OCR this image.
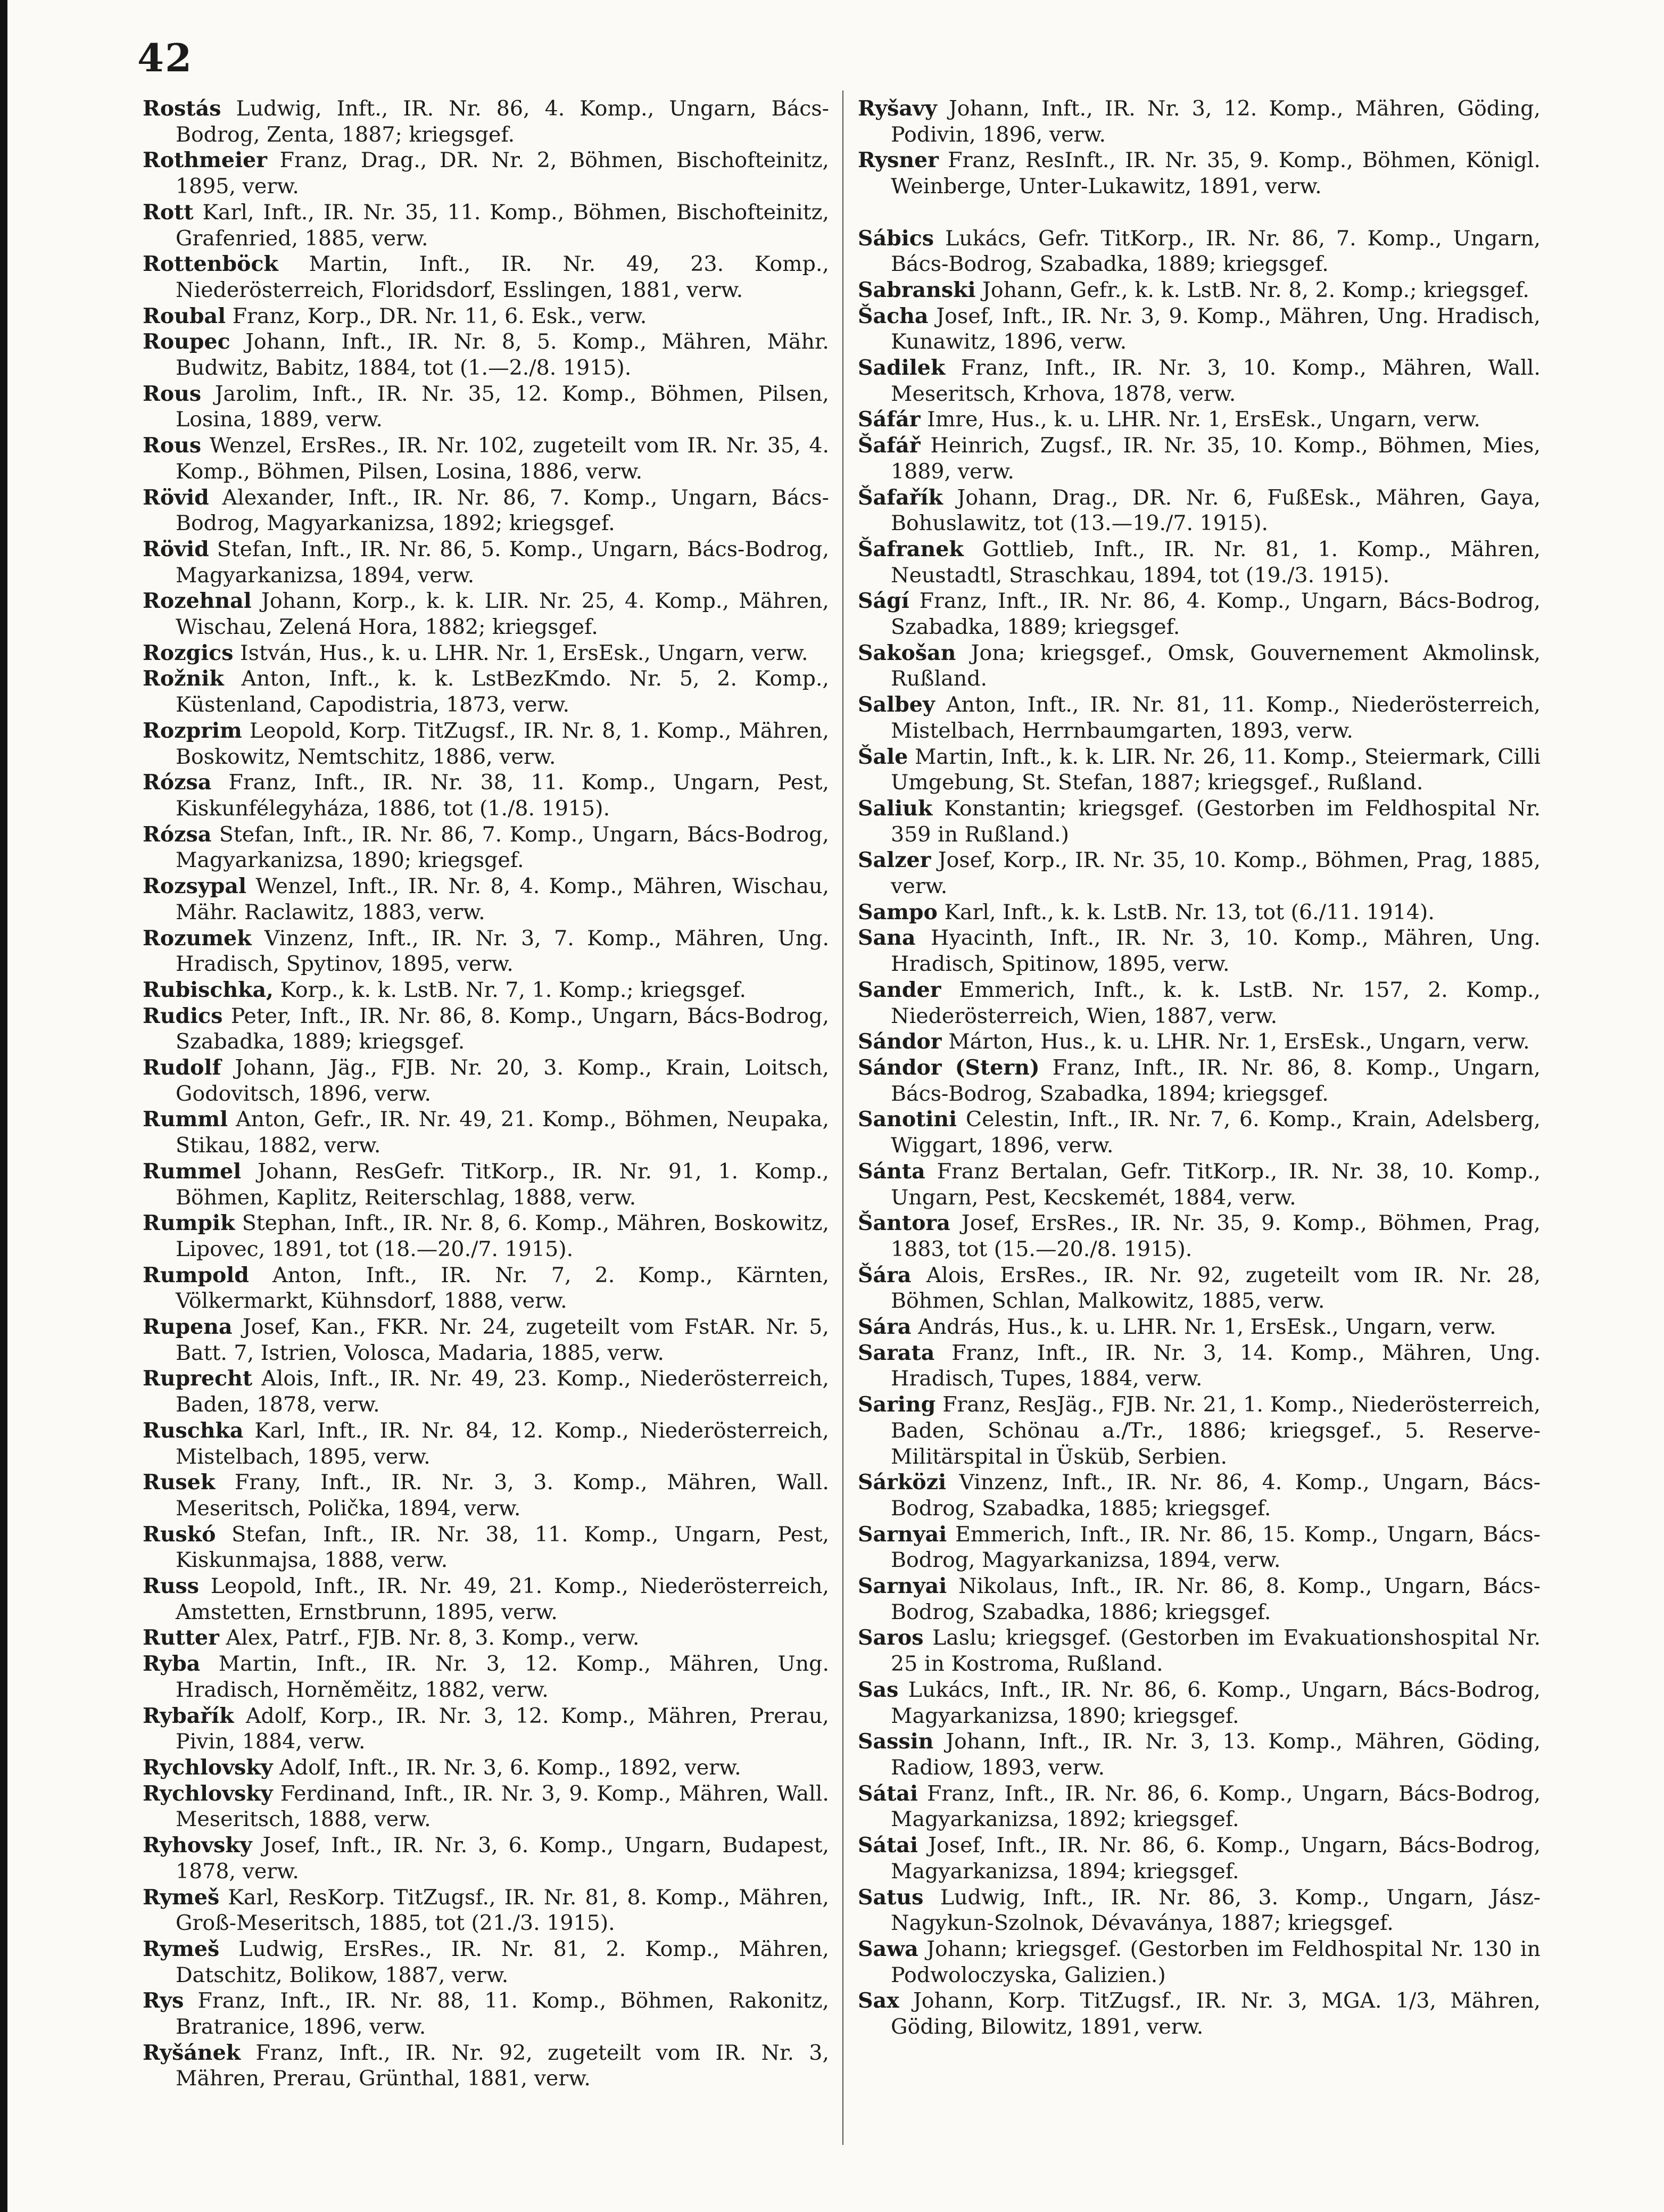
42
Rostás Ludwig, Inft., IR. Nr. 86, 4. Komp., Ungarn, Bács-Bodrog, Zenta, 1887; kriegsgef.
Rothmeier Franz, Drag., DR. Nr. 2, Böhmen, Bischofteinitz, 1895, verw.
Rott Karl, Inft., IR. Nr. 35, 11. Komp., Böhmen, Bischofteinitz, Grafenried, 1885, verw.
Rottenböck Martin, Inft., IR. Nr. 49, 23. Komp., Niederösterreich, Floridsdorf, Esslingen, 1881, verw.
Roubal Franz, Korp., DR. Nr. 11, 6. Esk., verw.
Roupec Johann, Inft., IR. Nr. 8, 5. Komp., Mähren, Mähr. Budwitz, Babitz, 1884, tot (1.—2./8. 1915).
Rous Jarolim, Inft., IR. Nr. 35, 12. Komp., Böhmen, Pilsen, Losina, 1889, verw.
Rous Wenzel, ErsRes., IR. Nr. 102, zugeteilt vom IR. Nr. 35, 4. Komp., Böhmen, Pilsen, Losina, 1886, verw.
Rövid Alexander, Inft., IR. Nr. 86, 7. Komp., Ungarn, Bács-Bodrog, Magyarkanizsa, 1892; kriegsgef.
Rövid Stefan, Inft., IR. Nr. 86, 5. Komp., Ungarn, Bács-Bodrog, Magyarkanizsa, 1894, verw.
Rozehnal Johann, Korp., k. k. LIR. Nr. 25, 4. Komp., Mähren, Wischau, Zelená Hora, 1882; kriegsgef.
Rozgics István, Hus., k. u. LHR. Nr. 1, ErsEsk., Ungarn, verw.
Rožnik Anton, Inft., k. k. LstBezKmdo. Nr. 5, 2. Komp., Küstenland, Capodistria, 1873, verw.
Rozprim Leopold, Korp. TitZugsf., IR. Nr. 8, 1. Komp., Mähren, Boskowitz, Nemtschitz, 1886, verw.
Rózsa Franz, Inft., IR. Nr. 38, 11. Komp., Ungarn, Pest, Kiskunfélegyháza, 1886, tot (1./8. 1915).
Rózsa Stefan, Inft., IR. Nr. 86, 7. Komp., Ungarn, Bács-Bodrog, Magyarkanizsa, 1890; kriegsgef.
Rozsypal Wenzel, Inft., IR. Nr. 8, 4. Komp., Mähren, Wischau, Mähr. Raclawitz, 1883, verw.
Rozumek Vinzenz, Inft., IR. Nr. 3, 7. Komp., Mähren, Ung. Hradisch, Spytinov, 1895, verw.
Rubischka, Korp., k. k. LstB. Nr. 7, 1. Komp.; kriegsgef.
Rudics Peter, Inft., IR. Nr. 86, 8. Komp., Ungarn, Bács-Bodrog, Szabadka, 1889; kriegsgef.
Rudolf Johann, Jäg., FJB. Nr. 20, 3. Komp., Krain, Loitsch, Godovitsch, 1896, verw.
Rumml Anton, Gefr., IR. Nr. 49, 21. Komp., Böhmen, Neupaka, Stikau, 1882, verw.
Rummel Johann, ResGefr. TitKorp., IR. Nr. 91, 1. Komp., Böhmen, Kaplitz, Reiterschlag, 1888, verw.
Rumpik Stephan, Inft., IR. Nr. 8, 6. Komp., Mähren, Boskowitz, Lipovec, 1891, tot (18.—20./7. 1915).
Rumpold Anton, Inft., IR. Nr. 7, 2. Komp., Kärnten, Völkermarkt, Kühnsdorf, 1888, verw.
Rupena Josef, Kan., FKR. Nr. 24, zugeteilt vom FstAR. Nr. 5, Batt. 7, Istrien, Volosca, Madaria, 1885, verw.
Ruprecht Alois, Inft., IR. Nr. 49, 23. Komp., Niederösterreich, Baden, 1878, verw.
Ruschka Karl, Inft., IR. Nr. 84, 12. Komp., Niederösterreich, Mistelbach, 1895, verw.
Rusek Frany, Inft., IR. Nr. 3, 3. Komp., Mähren, Wall. Meseritsch, Polička, 1894, verw.
Ruskó Stefan, Inft., IR. Nr. 38, 11. Komp., Ungarn, Pest, Kiskunmajsa, 1888, verw.
Russ Leopold, Inft., IR. Nr. 49, 21. Komp., Niederösterreich, Amstetten, Ernstbrunn, 1895, verw.
Rutter Alex, Patrf., FJB. Nr. 8, 3. Komp., verw.
Ryba Martin, Inft., IR. Nr. 3, 12. Komp., Mähren, Ung. Hradisch, Horněměitz, 1882, verw.
Rybařík Adolf, Korp., IR. Nr. 3, 12. Komp., Mähren, Prerau, Pivin, 1884, verw.
Rychlovsky Adolf, Inft., IR. Nr. 3, 6. Komp., 1892, verw.
Rychlovsky Ferdinand, Inft., IR. Nr. 3, 9. Komp., Mähren, Wall. Meseritsch, 1888, verw.
Ryhovsky Josef, Inft., IR. Nr. 3, 6. Komp., Ungarn, Budapest, 1878, verw.
Rymeš Karl, ResKorp. TitZugsf., IR. Nr. 81, 8. Komp., Mähren, Groß-Meseritsch, 1885, tot (21./3. 1915).
Rymeš Ludwig, ErsRes., IR. Nr. 81, 2. Komp., Mähren, Datschitz, Bolikow, 1887, verw.
Rys Franz, Inft., IR. Nr. 88, 11. Komp., Böhmen, Rakonitz, Bratranice, 1896, verw.
Ryšánek Franz, Inft., IR. Nr. 92, zugeteilt vom IR. Nr. 3, Mähren, Prerau, Grünthal, 1881, verw.
Ryšavy Johann, Inft., IR. Nr. 3, 12. Komp., Mähren, Göding, Podivin, 1896, verw.
Rysner Franz, ResInft., IR. Nr. 35, 9. Komp., Böhmen, Königl. Weinberge, Unter-Lukawitz, 1891, verw.
Sábics Lukács, Gefr. TitKorp., IR. Nr. 86, 7. Komp., Ungarn, Bács-Bodrog, Szabadka, 1889; kriegsgef.
Sabranski Johann, Gefr., k. k. LstB. Nr. 8, 2. Komp.; kriegsgef.
Šacha Josef, Inft., IR. Nr. 3, 9. Komp., Mähren, Ung. Hradisch, Kunawitz, 1896, verw.
Sadilek Franz, Inft., IR. Nr. 3, 10. Komp., Mähren, Wall. Meseritsch, Krhova, 1878, verw.
Sáfár Imre, Hus., k. u. LHR. Nr. 1, ErsEsk., Ungarn, verw.
Šafář Heinrich, Zugsf., IR. Nr. 35, 10. Komp., Böhmen, Mies, 1889, verw.
Šafařík Johann, Drag., DR. Nr. 6, FußEsk., Mähren, Gaya, Bohuslawitz, tot (13.—19./7. 1915).
Šafranek Gottlieb, Inft., IR. Nr. 81, 1. Komp., Mähren, Neustadtl, Straschkau, 1894, tot (19./3. 1915).
Ságí Franz, Inft., IR. Nr. 86, 4. Komp., Ungarn, Bács-Bodrog, Szabadka, 1889; kriegsgef.
Sakošan Jona; kriegsgef., Omsk, Gouvernement Akmolinsk, Rußland.
Salbey Anton, Inft., IR. Nr. 81, 11. Komp., Niederösterreich, Mistelbach, Herrnbaumgarten, 1893, verw.
Šale Martin, Inft., k. k. LIR. Nr. 26, 11. Komp., Steiermark, Cilli Umgebung, St. Stefan, 1887; kriegsgef., Rußland.
Saliuk Konstantin; kriegsgef. (Gestorben im Feldhospital Nr. 359 in Rußland.)
Salzer Josef, Korp., IR. Nr. 35, 10. Komp., Böhmen, Prag, 1885, verw.
Sampo Karl, Inft., k. k. LstB. Nr. 13, tot (6./11. 1914).
Sana Hyacinth, Inft., IR. Nr. 3, 10. Komp., Mähren, Ung. Hradisch, Spitinow, 1895, verw.
Sander Emmerich, Inft., k. k. LstB. Nr. 157, 2. Komp., Niederösterreich, Wien, 1887, verw.
Sándor Márton, Hus., k. u. LHR. Nr. 1, ErsEsk., Ungarn, verw.
Sándor (Stern) Franz, Inft., IR. Nr. 86, 8. Komp., Ungarn, Bács-Bodrog, Szabadka, 1894; kriegsgef.
Sanotini Celestin, Inft., IR. Nr. 7, 6. Komp., Krain, Adelsberg, Wiggart, 1896, verw.
Sánta Franz Bertalan, Gefr. TitKorp., IR. Nr. 38, 10. Komp., Ungarn, Pest, Kecskemét, 1884, verw.
Šantora Josef, ErsRes., IR. Nr. 35, 9. Komp., Böhmen, Prag, 1883, tot (15.—20./8. 1915).
Šára Alois, ErsRes., IR. Nr. 92, zugeteilt vom IR. Nr. 28, Böhmen, Schlan, Malkowitz, 1885, verw.
Sára András, Hus., k. u. LHR. Nr. 1, ErsEsk., Ungarn, verw.
Sarata Franz, Inft., IR. Nr. 3, 14. Komp., Mähren, Ung. Hradisch, Tupes, 1884, verw.
Saring Franz, ResJäg., FJB. Nr. 21, 1. Komp., Niederösterreich, Baden, Schönau a./Tr., 1886; kriegsgef., 5. Reserve-Militärspital in Üsküb, Serbien.
Sárközi Vinzenz, Inft., IR. Nr. 86, 4. Komp., Ungarn, Bács-Bodrog, Szabadka, 1885; kriegsgef.
Sarnyai Emmerich, Inft., IR. Nr. 86, 15. Komp., Ungarn, Bács-Bodrog, Magyarkanizsa, 1894, verw.
Sarnyai Nikolaus, Inft., IR. Nr. 86, 8. Komp., Ungarn, Bács-Bodrog, Szabadka, 1886; kriegsgef.
Saros Laslu; kriegsgef. (Gestorben im Evakuationshospital Nr. 25 in Kostroma, Rußland.
Sas Lukács, Inft., IR. Nr. 86, 6. Komp., Ungarn, Bács-Bodrog, Magyarkanizsa, 1890; kriegsgef.
Sassin Johann, Inft., IR. Nr. 3, 13. Komp., Mähren, Göding, Radiow, 1893, verw.
Sátai Franz, Inft., IR. Nr. 86, 6. Komp., Ungarn, Bács-Bodrog, Magyarkanizsa, 1892; kriegsgef.
Sátai Josef, Inft., IR. Nr. 86, 6. Komp., Ungarn, Bács-Bodrog, Magyarkanizsa, 1894; kriegsgef.
Satus Ludwig, Inft., IR. Nr. 86, 3. Komp., Ungarn, Jász-Nagykun-Szolnok, Dévaványa, 1887; kriegsgef.
Sawa Johann; kriegsgef. (Gestorben im Feldhospital Nr. 130 in Podwoloczyska, Galizien.)
Sax Johann, Korp. TitZugsf., IR. Nr. 3, MGA. 1/3, Mähren, Göding, Bilowitz, 1891, verw.
